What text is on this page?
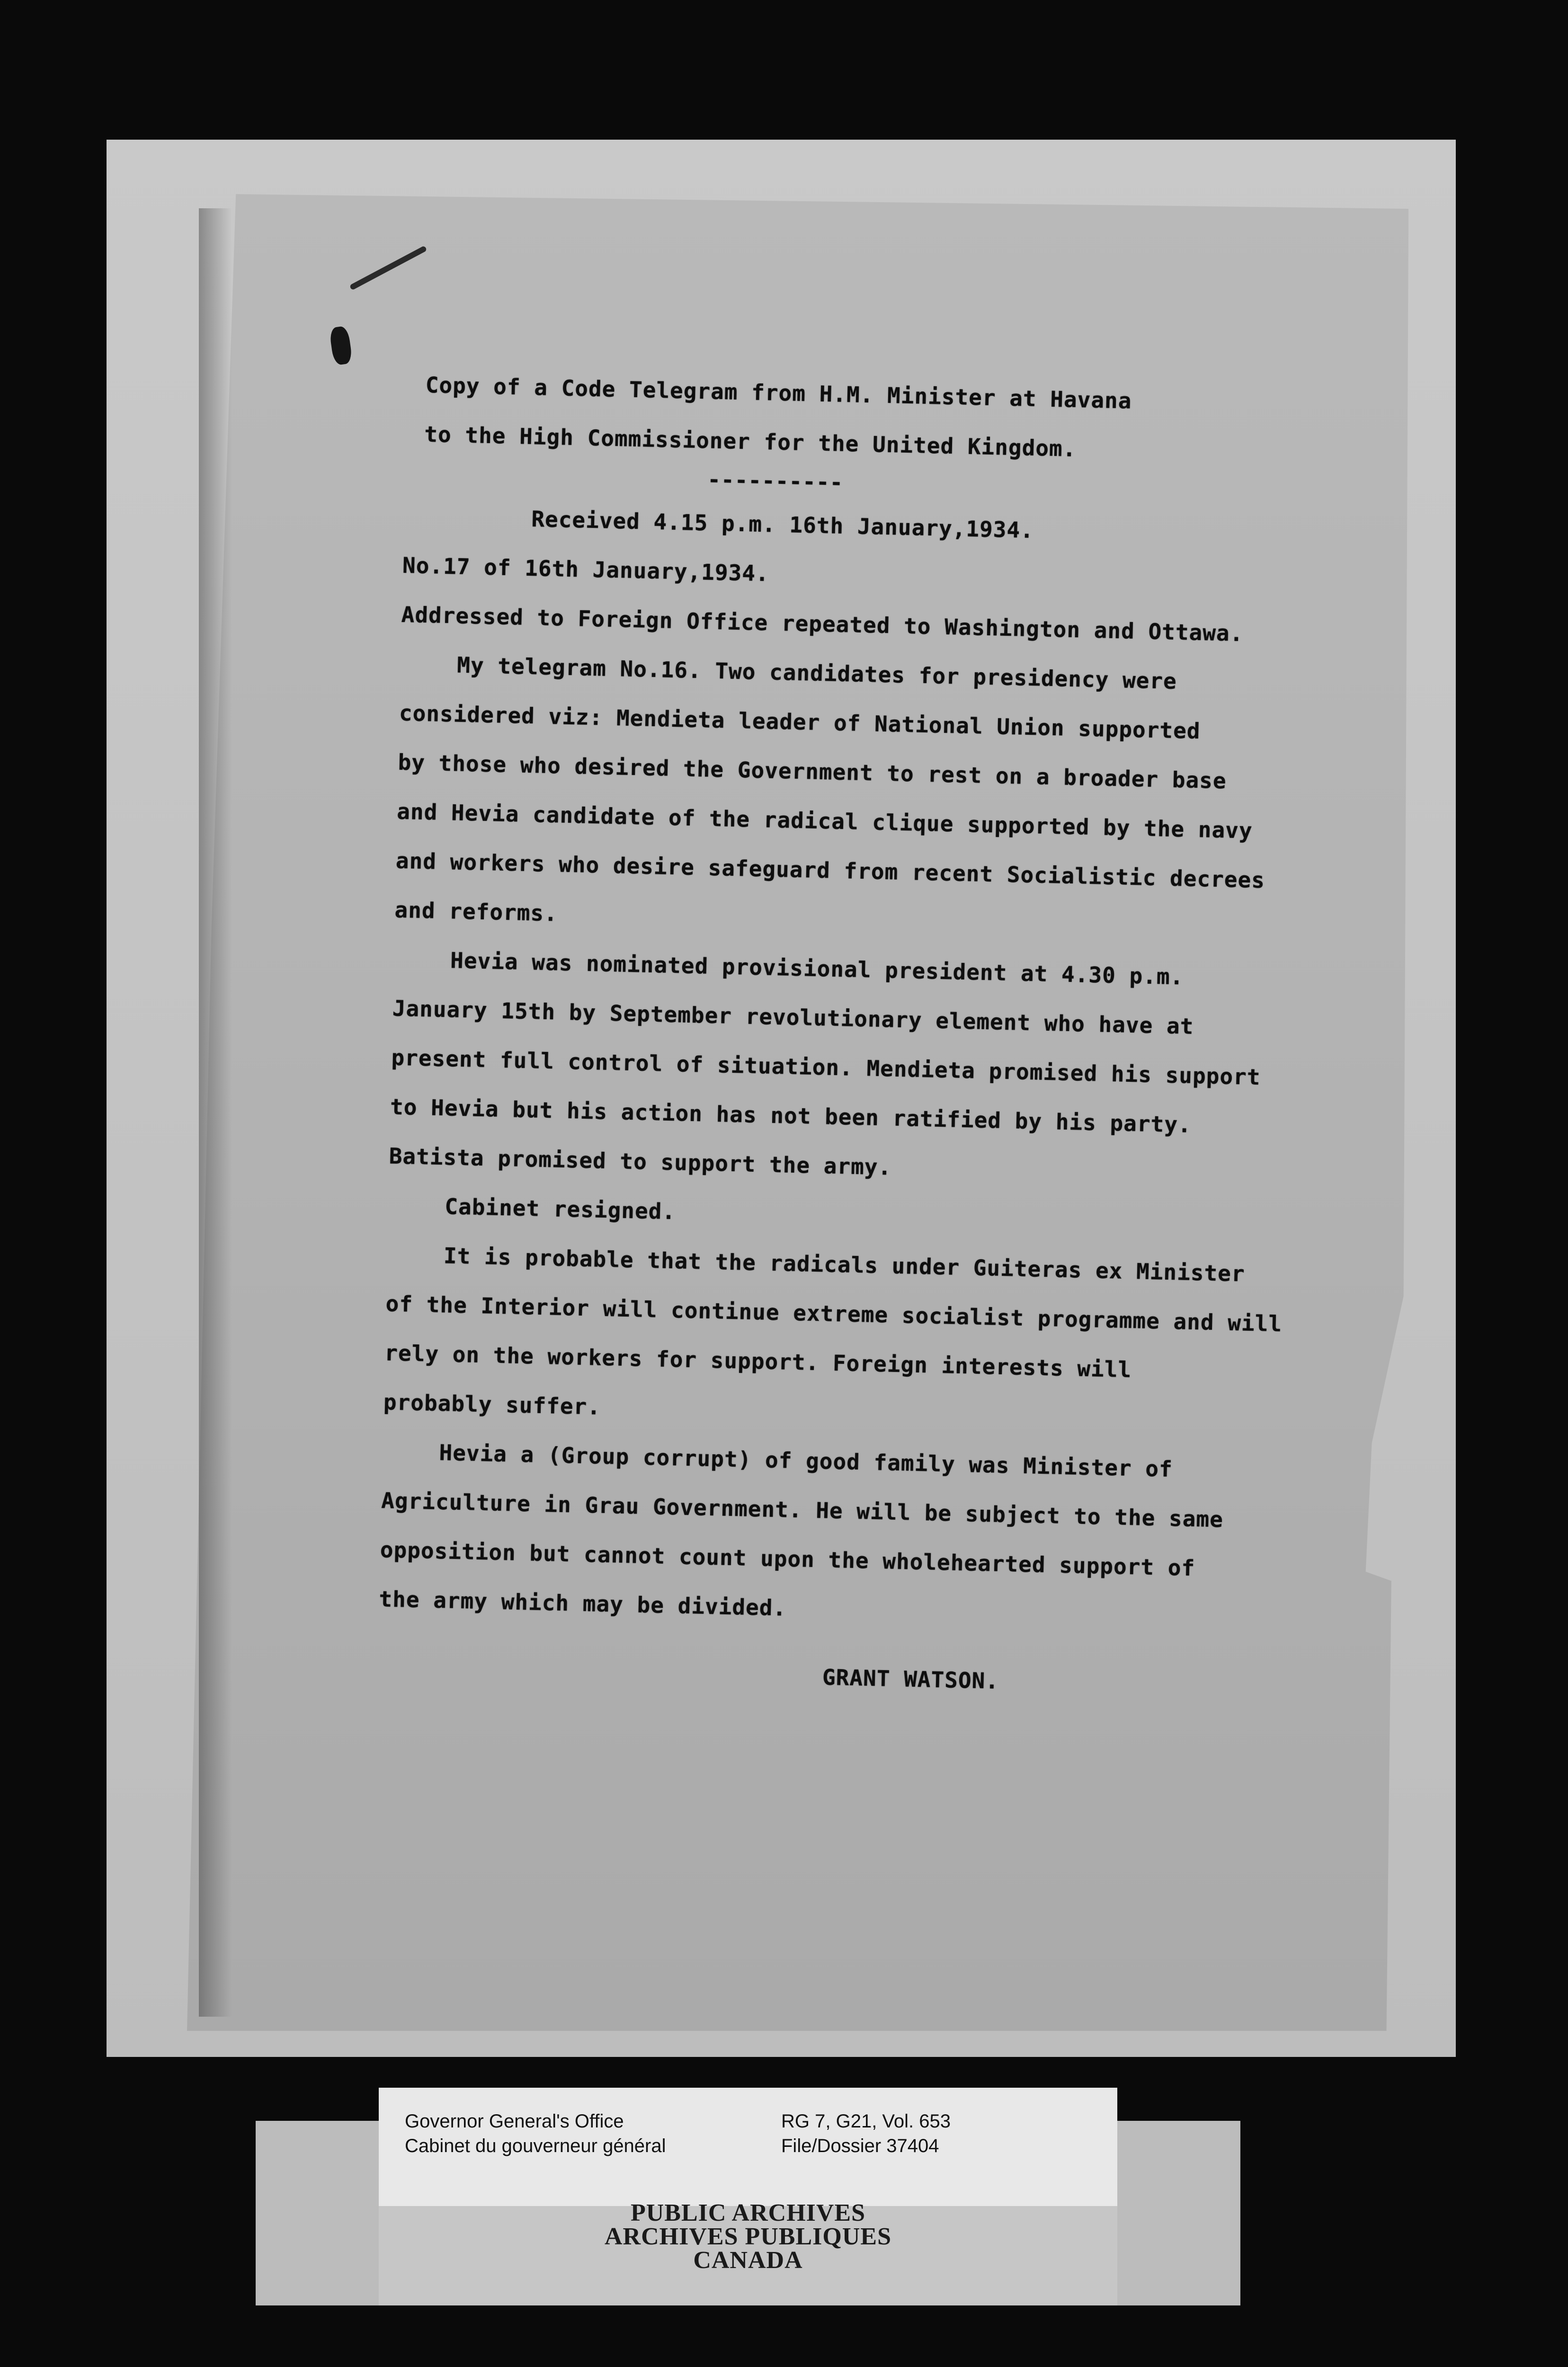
Copy of a Code Telegram from H.M. Minister at Havana
to the High Commissioner for the United Kingdom.
----------
Received 4.15 p.m. 16th January,1934.
No.17 of 16th January,1934.
Addressed to Foreign Office repeated to Washington and Ottawa.
My telegram No.16. Two candidates for presidency were
considered viz: Mendieta leader of National Union supported
by those who desired the Government to rest on a broader base
and Hevia candidate of the radical clique supported by the navy
and workers who desire safeguard from recent Socialistic decrees
and reforms.
Hevia was nominated provisional president at 4.30 p.m.
January 15th by September revolutionary element who have at
present full control of situation. Mendieta promised his support
to Hevia but his action has not been ratified by his party.
Batista promised to support the army.
Cabinet resigned.
It is probable that the radicals under Guiteras ex Minister
of the Interior will continue extreme socialist programme and will
rely on the workers for support. Foreign interests will
probably suffer.
Hevia a (Group corrupt) of good family was Minister of
Agriculture in Grau Government. He will be subject to the same
opposition but cannot count upon the wholehearted support of
the army which may be divided.
GRANT WATSON.
Governor General's Office
Cabinet du gouverneur général
RG 7, G21, Vol. 653
File/Dossier 37404
PUBLIC ARCHIVES
ARCHIVES PUBLIQUES
CANADA
